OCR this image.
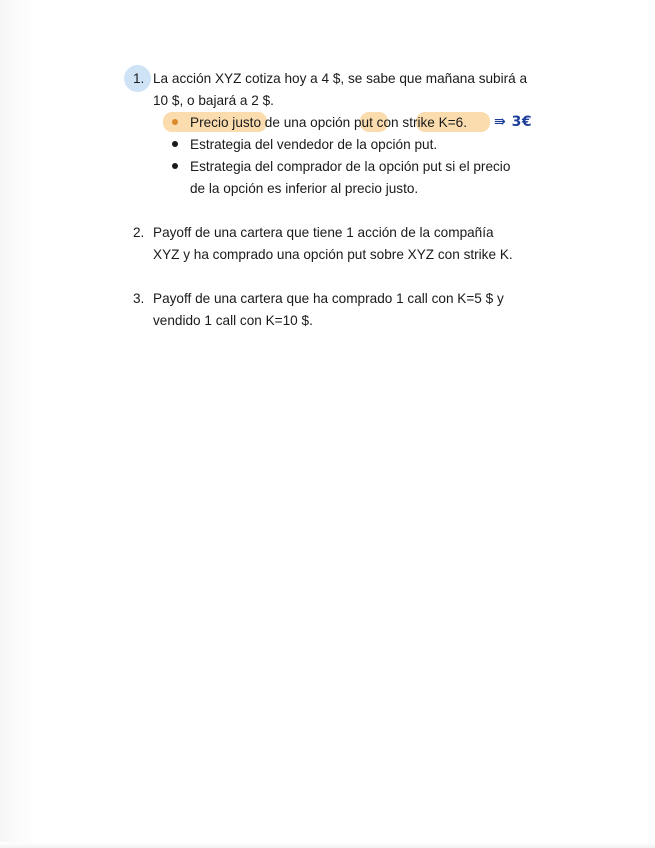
1. La acción XYZ cotiza hoy a 4 $, se sabe que mañana subirá a
10 $, o bajará a 2 $.
Precio justo de una opción put con strike K=6. ⇛ 3€
Estrategia del vendedor de la opción put.
Estrategia del comprador de la opción put si el precio
de la opción es inferior al precio justo.
2. Payoff de una cartera que tiene 1 acción de la compañía
XYZ y ha comprado una opción put sobre XYZ con strike K.
3. Payoff de una cartera que ha comprado 1 call con K=5 $ y
vendido 1 call con K=10 $.
